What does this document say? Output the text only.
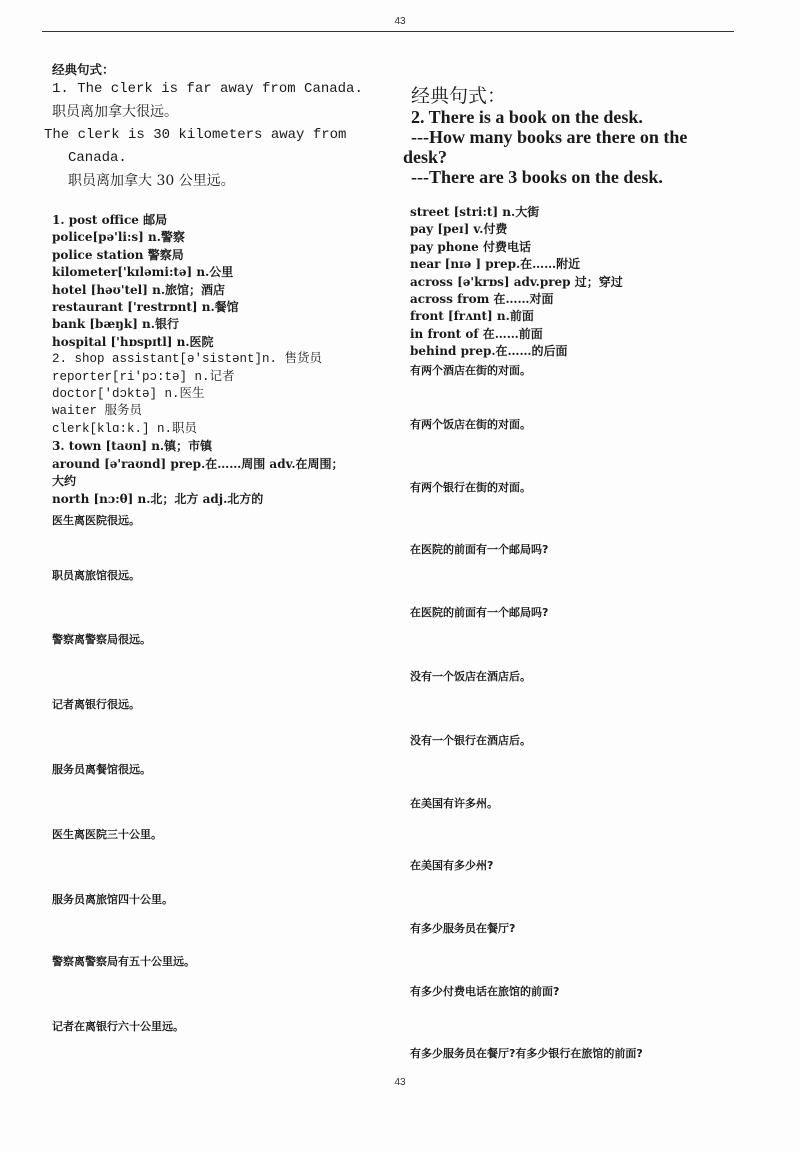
43

经典句式：

1. The clerk is far away from Canada.

职员离加拿大很远。

The clerk is 30 kilometers away from

Canada.

职员离加拿大 30 公里远。

1. post office 邮局

police[pə'li:s] n.警察

police station 警察局

kilometer['kɪləmi:tə] n.公里

hotel [həʊ'tel] n.旅馆；酒店

restaurant ['restrɒnt] n.餐馆

bank [bæŋk] n.银行

hospital ['hɒspɪtl] n.医院

2. shop assistant[ə'sistənt]n. 售货员

reporter[ri'pɔ:tə] n.记者

doctor['dɔktə] n.医生

waiter 服务员

clerk[klɑ:k.] n.职员

3. town [taʊn] n.镇；市镇

around [ə'raʊnd] prep.在……周围 adv.在周围；

大约

north [nɔ:θ] n.北；北方 adj.北方的

医生离医院很远。

职员离旅馆很远。

警察离警察局很远。

记者离银行很远。

服务员离餐馆很远。

医生离医院三十公里。

服务员离旅馆四十公里。

警察离警察局有五十公里远。

记者在离银行六十公里远。

经典句式：

2. There is a book on the desk.

---How many books are there on the

desk?

---There are 3 books on the desk.

street [stri:t] n.大街

pay [peɪ] v.付费

pay phone 付费电话

near [nɪə ] prep.在……附近

across [ə'krɒs] adv.prep 过；穿过

across from 在……对面

front [frʌnt] n.前面

in front of 在……前面

behind prep.在……的后面

有两个酒店在街的对面。

有两个饭店在街的对面。

有两个银行在街的对面。

在医院的前面有一个邮局吗?

在医院的前面有一个邮局吗?

没有一个饭店在酒店后。

没有一个银行在酒店后。

在美国有许多州。

在美国有多少州?

有多少服务员在餐厅?

有多少付费电话在旅馆的前面?

有多少服务员在餐厅?有多少银行在旅馆的前面?

43
